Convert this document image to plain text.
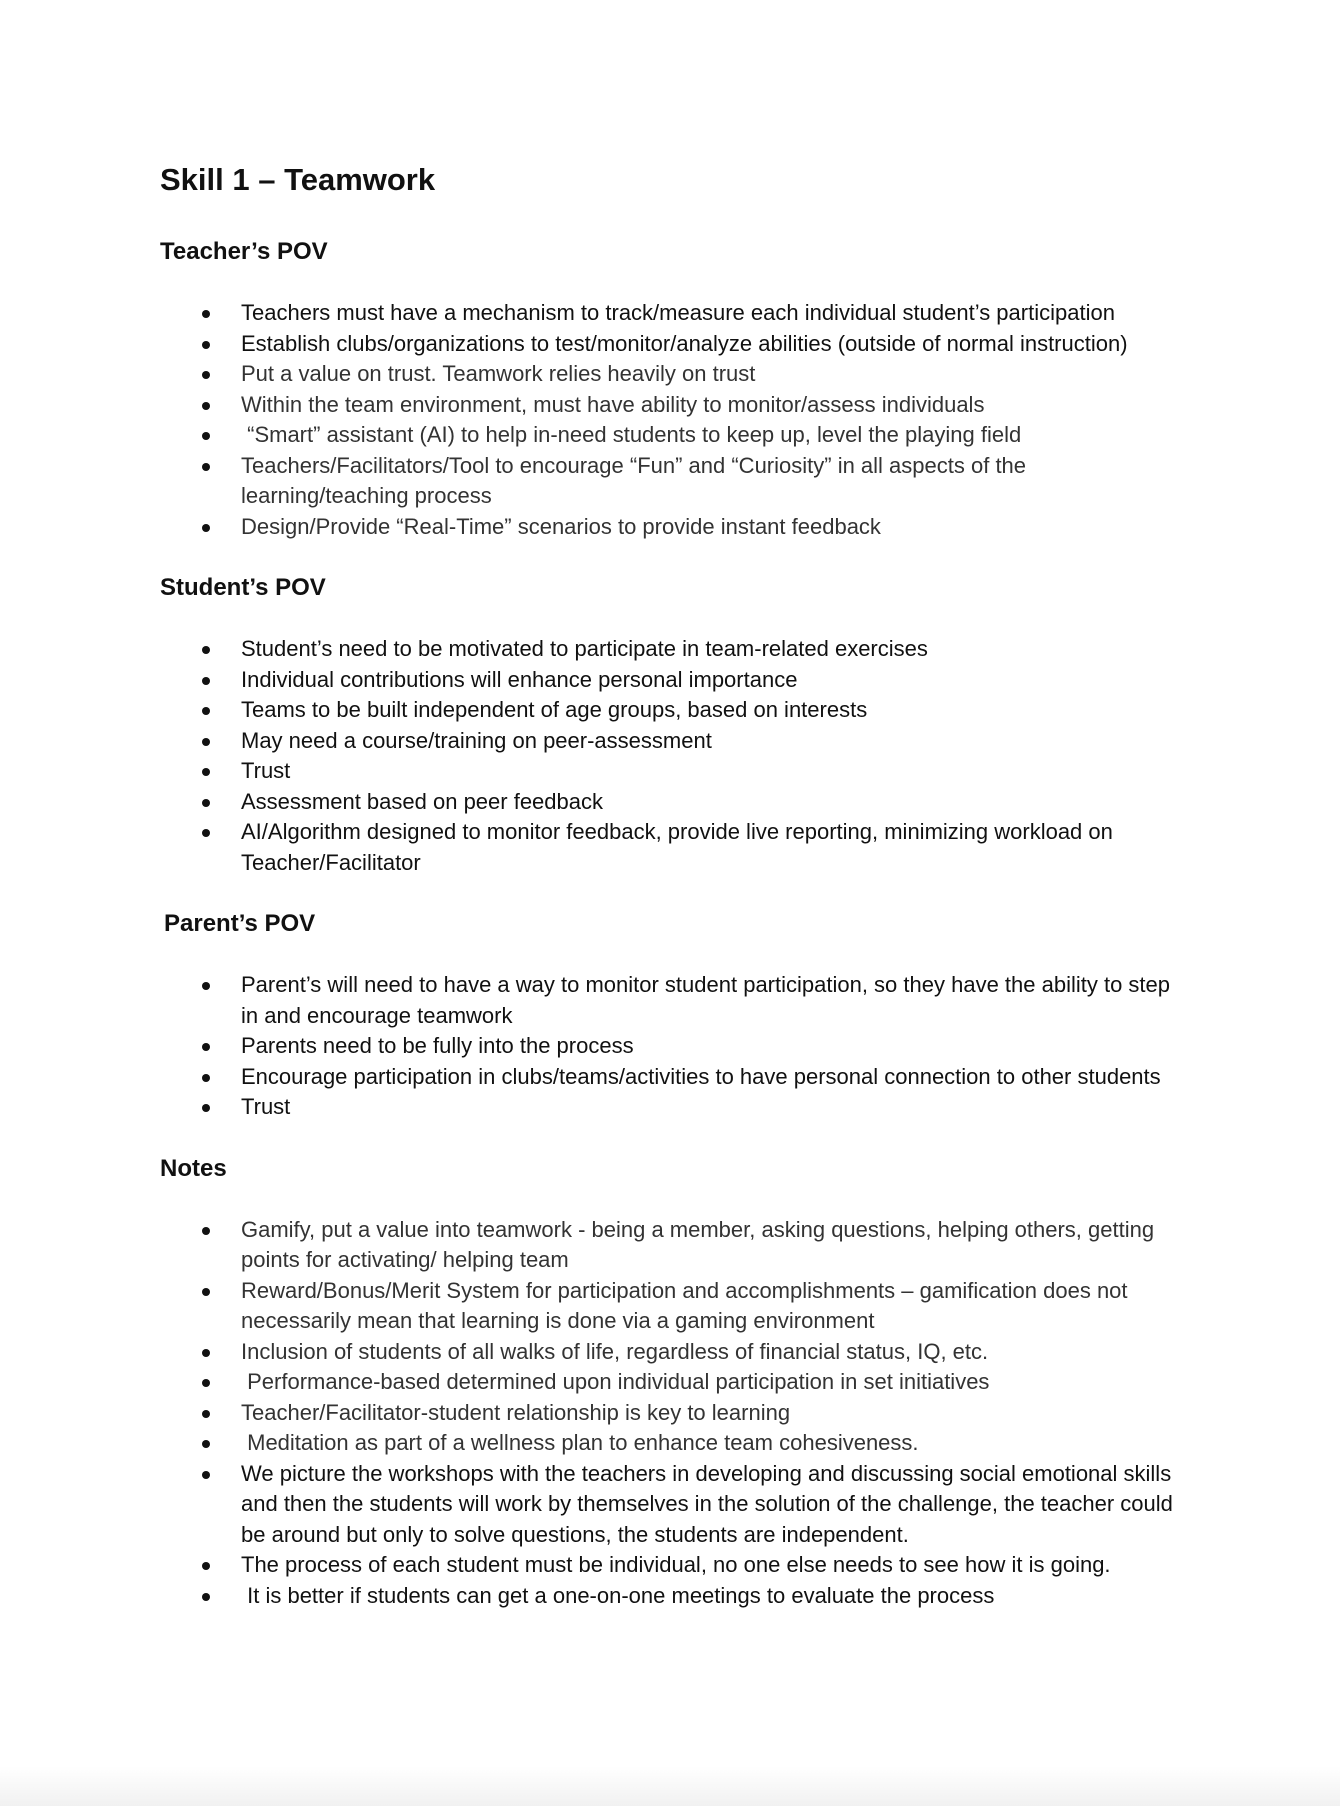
Skill 1 – Teamwork
Teacher’s POV
Teachers must have a mechanism to track/measure each individual student’s participation
Establish clubs/organizations to test/monitor/analyze abilities (outside of normal instruction)
Put a value on trust. Teamwork relies heavily on trust
Within the team environment, must have ability to monitor/assess individuals
“Smart” assistant (AI) to help in-need students to keep up, level the playing field
Teachers/Facilitators/Tool to encourage “Fun” and “Curiosity” in all aspects of the learning/teaching process
Design/Provide “Real-Time” scenarios to provide instant feedback
Student’s POV
Student’s need to be motivated to participate in team-related exercises
Individual contributions will enhance personal importance
Teams to be built independent of age groups, based on interests
May need a course/training on peer-assessment
Trust
Assessment based on peer feedback
AI/Algorithm designed to monitor feedback, provide live reporting, minimizing workload on Teacher/Facilitator
Parent’s POV
Parent’s will need to have a way to monitor student participation, so they have the ability to step in and encourage teamwork
Parents need to be fully into the process
Encourage participation in clubs/teams/activities to have personal connection to other students
Trust
Notes
Gamify, put a value into teamwork - being a member, asking questions, helping others, getting points for activating/ helping team
Reward/Bonus/Merit System for participation and accomplishments – gamification does not necessarily mean that learning is done via a gaming environment
Inclusion of students of all walks of life, regardless of financial status, IQ, etc.
Performance-based determined upon individual participation in set initiatives
Teacher/Facilitator-student relationship is key to learning
Meditation as part of a wellness plan to enhance team cohesiveness.
We picture the workshops with the teachers in developing and discussing social emotional skills and then the students will work by themselves in the solution of the challenge, the teacher could be around but only to solve questions, the students are independent.
The process of each student must be individual, no one else needs to see how it is going.
It is better if students can get a one-on-one meetings to evaluate the process
